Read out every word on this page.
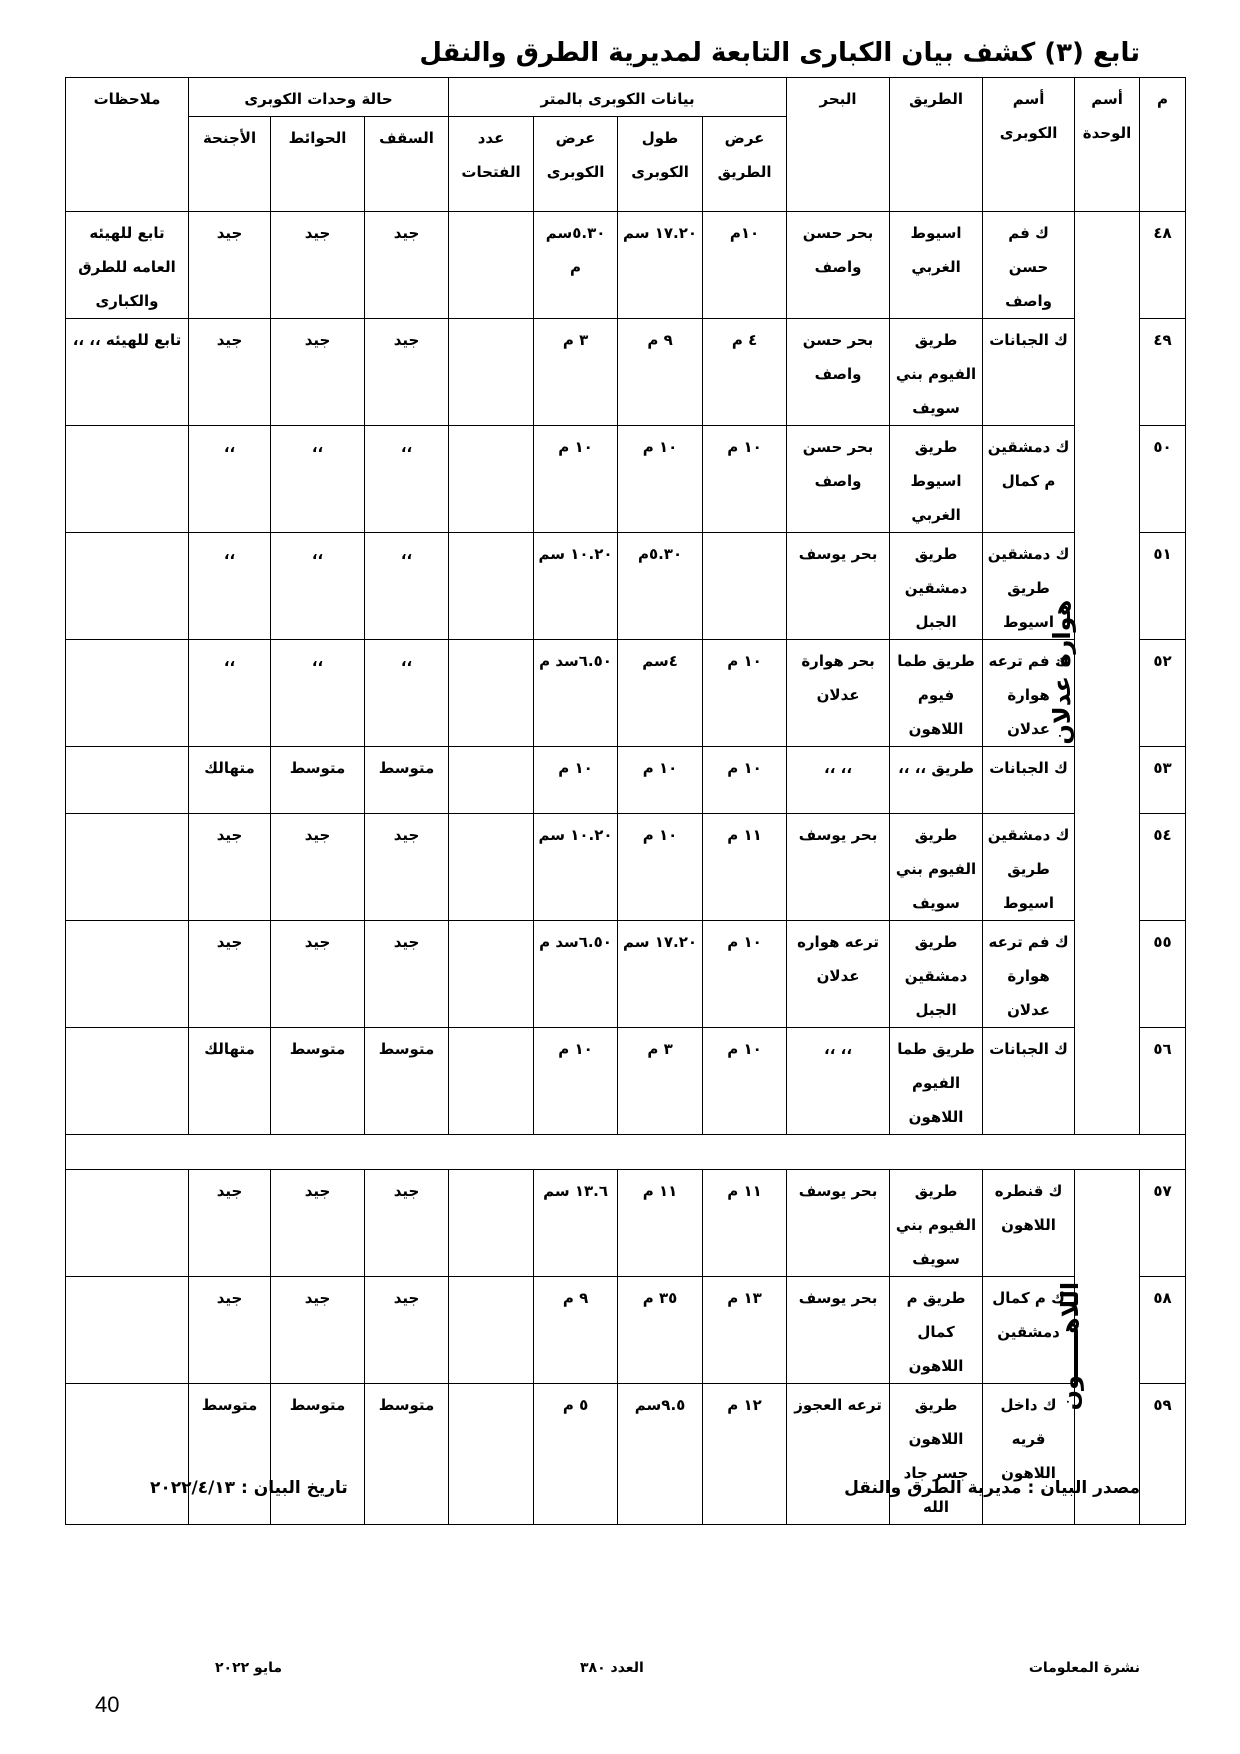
تابع (٣) كشف بيان الكبارى التابعة لمديرية الطرق والنقل
م	أسم الوحدة	أسم الكوبرى	الطريق	البحر	بيانات الكوبرى بالمتر				حالة وحدات الكوبرى			ملاحظات
					عرض الطريق	طول الكوبرى	عرض الكوبرى	عدد الفتحات	السقف	الحوائط	الأجنحة	
٤٨	هوارة عدلان	ك فم حسن واصف	اسيوط الغربي	بحر حسن واصف	١٠م	١٧.٢٠ سم	٥.٣٠سم م		جيد	جيد	جيد	تابع للهيئه العامه للطرق والكبارى
٤٩		ك الجبانات	طريق الفيوم بني سويف	بحر حسن واصف	٤ م	٩ م	٣ م		جيد	جيد	جيد	تابع للهيئه ،، ،،
٥٠		ك دمشقين م كمال	طريق اسيوط الغربي	بحر حسن واصف	١٠ م	١٠ م	١٠ م		،،	،،	،،	
٥١		ك دمشقين طريق اسيوط	طريق دمشقين الجبل	بحر يوسف		٥.٣٠م	١٠.٢٠ سم		،،	،،	،،	
٥٢		ك فم ترعه هوارة عدلان	طريق طما فيوم اللاهون	بحر هوارة عدلان	١٠ م	٤سم	٦.٥٠سد م		،،	،،	،،	
٥٣		ك الجبانات	طريق ،، ،،	،، ،،	١٠ م	١٠ م	١٠ م		متوسط	متوسط	متهالك	
٥٤		ك دمشقين طريق اسيوط	طريق الفيوم بني سويف	بحر يوسف	١١ م	١٠ م	١٠.٢٠ سم		جيد	جيد	جيد	
٥٥		ك فم ترعه هوارة عدلان	طريق دمشقين الجبل	ترعه هواره عدلان	١٠ م	١٧.٢٠ سم	٦.٥٠سد م		جيد	جيد	جيد	
٥٦		ك الجبانات	طريق طما الفيوم اللاهون	،، ،،	١٠ م	٣ م	١٠ م		متوسط	متوسط	متهالك	

٥٧	اللاهـــــون	ك قنطره اللاهون	طريق الفيوم بني سويف	بحر يوسف	١١ م	١١ م	١٣.٦ سم		جيد	جيد	جيد	
٥٨		ك م كمال دمشقين	طريق م كمال اللاهون	بحر يوسف	١٣ م	٣٥ م	٩ م		جيد	جيد	جيد	
٥٩		ك داخل قريه اللاهون	طريق اللاهون جسر جاد الله	ترعه العجوز	١٢ م	٩.٥سم	٥ م		متوسط	متوسط	متوسط	
مصدر البيان : مديرية الطرق والنقل
تاريخ البيان : ٢٠٢٢/٤/١٣
نشرة المعلومات
العدد ٣٨٠
مايو ٢٠٢٢
40
